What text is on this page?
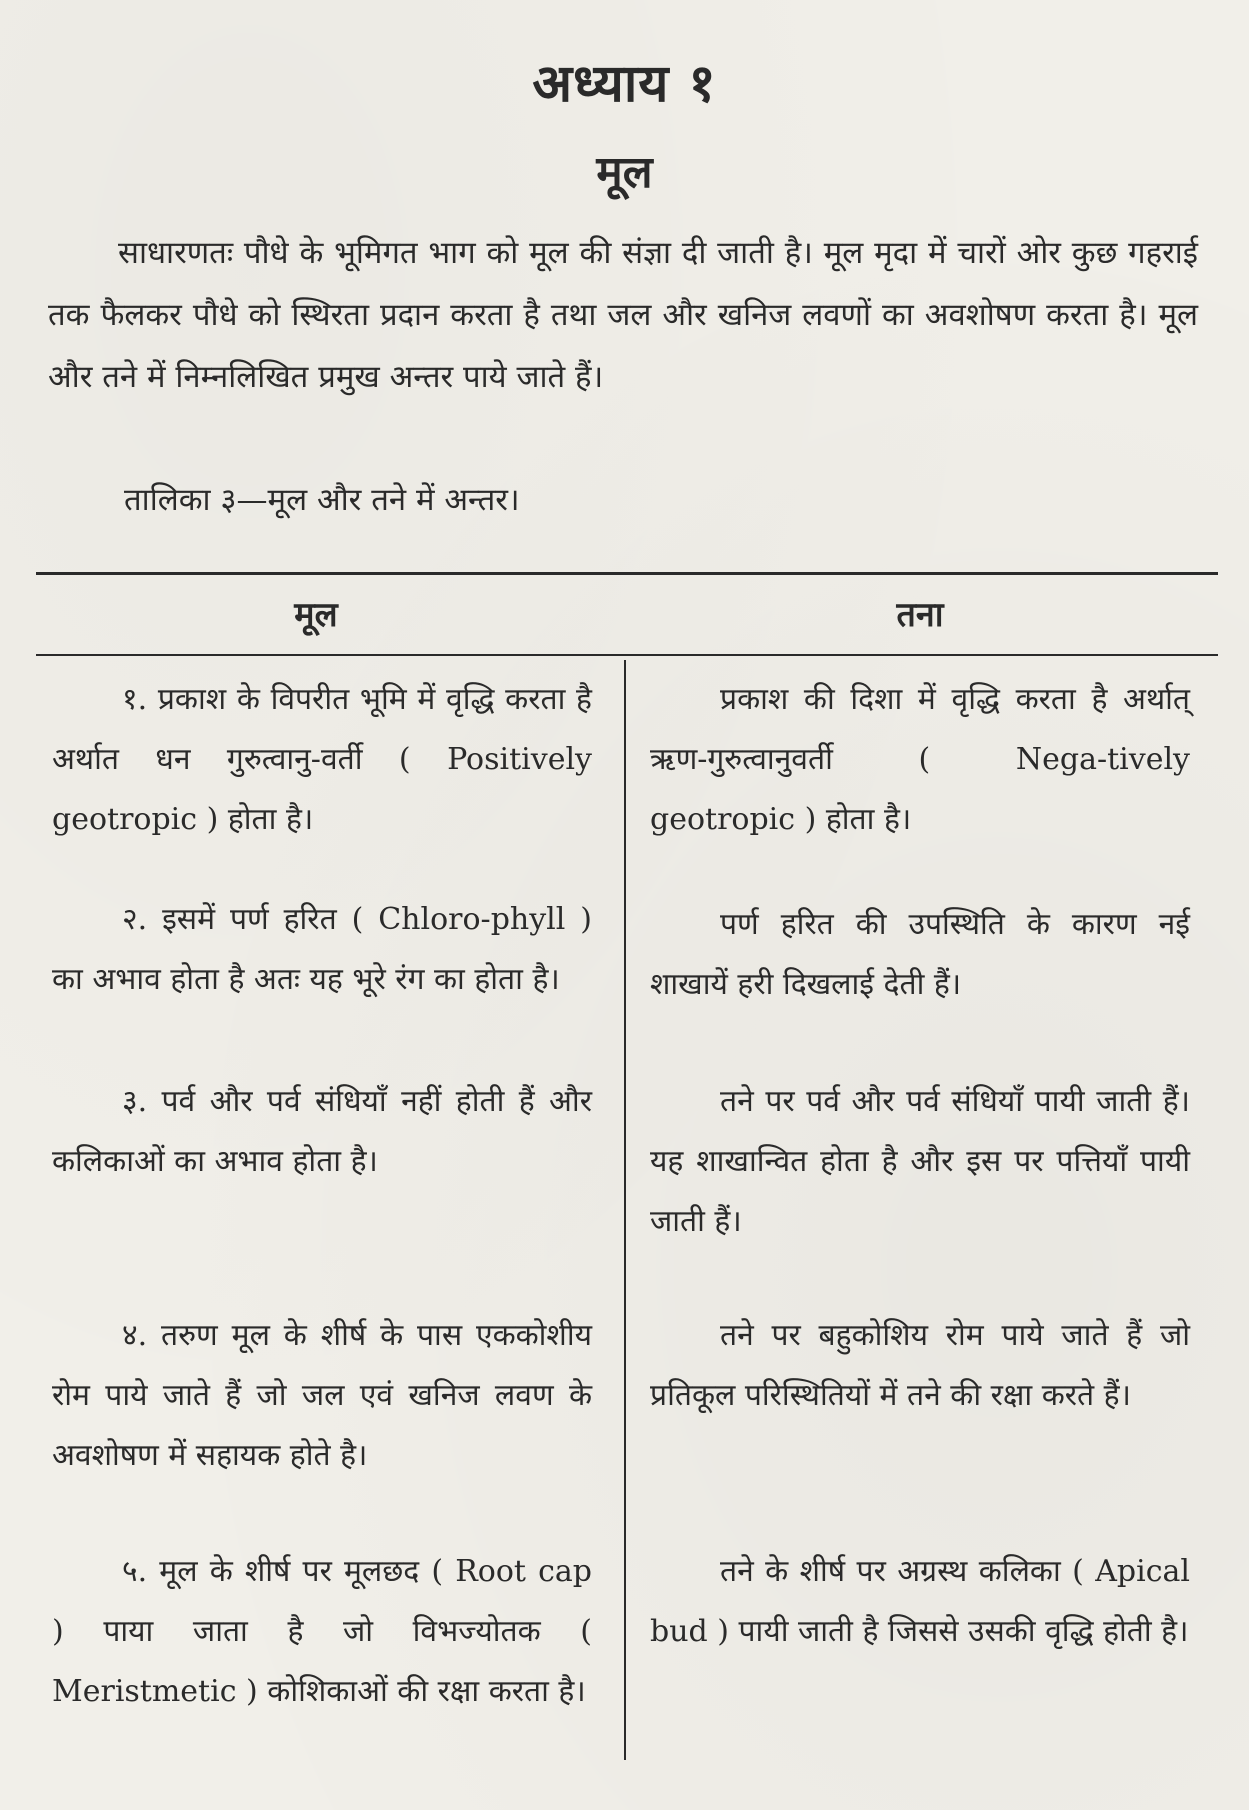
अध्याय १
मूल

साधारणतः पौधे के भूमिगत भाग को मूल की संज्ञा दी जाती है। मूल मृदा में चारों ओर कुछ गहराई तक फैलकर पौधे को स्थिरता प्रदान करता है तथा जल और खनिज लवणों का अवशोषण करता है। मूल और तने में निम्नलिखित प्रमुख अन्तर पाये जाते हैं।

तालिका ३—मूल और तने में अन्तर।
मूल	तना

१. प्रकाश के विपरीत भूमि में वृद्धि करता है अर्थात धन गुरुत्वानु-वर्ती ( Positively geotropic ) होता है।

प्रकाश की दिशा में वृद्धि करता है अर्थात् ऋण-गुरुत्वानुवर्ती ( Nega-tively geotropic ) होता है।

२. इसमें पर्ण हरित ( Chloro-phyll ) का अभाव होता है अतः यह भूरे रंग का होता है।

पर्ण हरित की उपस्थिति के कारण नई शाखायें हरी दिखलाई देती हैं।

३. पर्व और पर्व संधियाँ नहीं होती हैं और कलिकाओं का अभाव होता है।

तने पर पर्व और पर्व संधियाँ पायी जाती हैं। यह शाखान्वित होता है और इस पर पत्तियाँ पायी जाती हैं।

४. तरुण मूल के शीर्ष के पास एककोशीय रोम पाये जाते हैं जो जल एवं खनिज लवण के अवशोषण में सहायक होते है।

तने पर बहुकोशिय रोम पाये जाते हैं जो प्रतिकूल परिस्थितियों में तने की रक्षा करते हैं।

५. मूल के शीर्ष पर मूलछद ( Root cap ) पाया जाता है जो विभज्योतक ( Meristmetic ) कोशिकाओं की रक्षा करता है।

तने के शीर्ष पर अग्रस्थ कलिका ( Apical bud ) पायी जाती है जिससे उसकी वृद्धि होती है।
